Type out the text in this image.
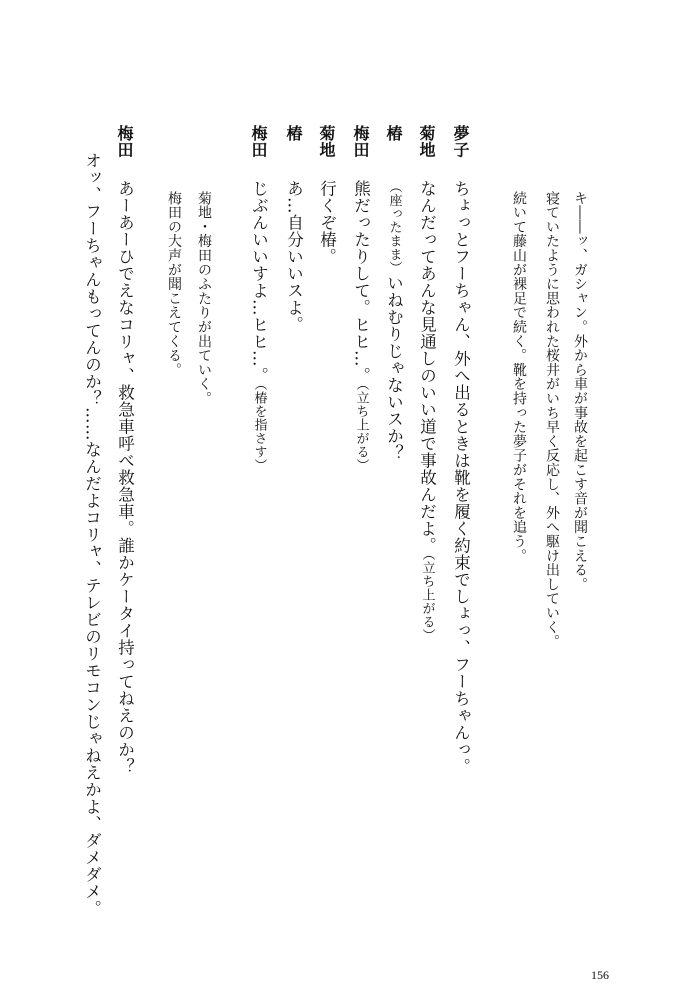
キ――ッ、ガシャン。外から車が事故を起こす音が聞こえる。
寝ていたように思われた桜井がいち早く反応し、外へ駆け出していく。
続いて藤山が裸足で続く。靴を持った夢子がそれを追う。
夢子
ちょっとフーちゃん、外へ出るときは靴を履く約束でしょっ、フーちゃんっ。
菊地
なんだってあんな見通しのいい道で事故んだよ。（立ち上がる）
椿
（座ったまま）いねむりじゃないスか？
梅田
熊だったりして。ヒヒ…。（立ち上がる）
菊地
行くぞ椿。
椿
あ…自分いいスよ。
梅田
じぶんいいすよ…ヒヒ…。（椿を指さす）
菊地・梅田のふたりが出ていく。
梅田の大声が聞こえてくる。
梅田
あーあーひでえなコリャ、救急車呼べ救急車。誰かケータイ持ってねえのか？
オッ、フーちゃんもってんのか？……なんだよコリャ、テレビのリモコンじゃねえかよ、ダメダメ。
156
